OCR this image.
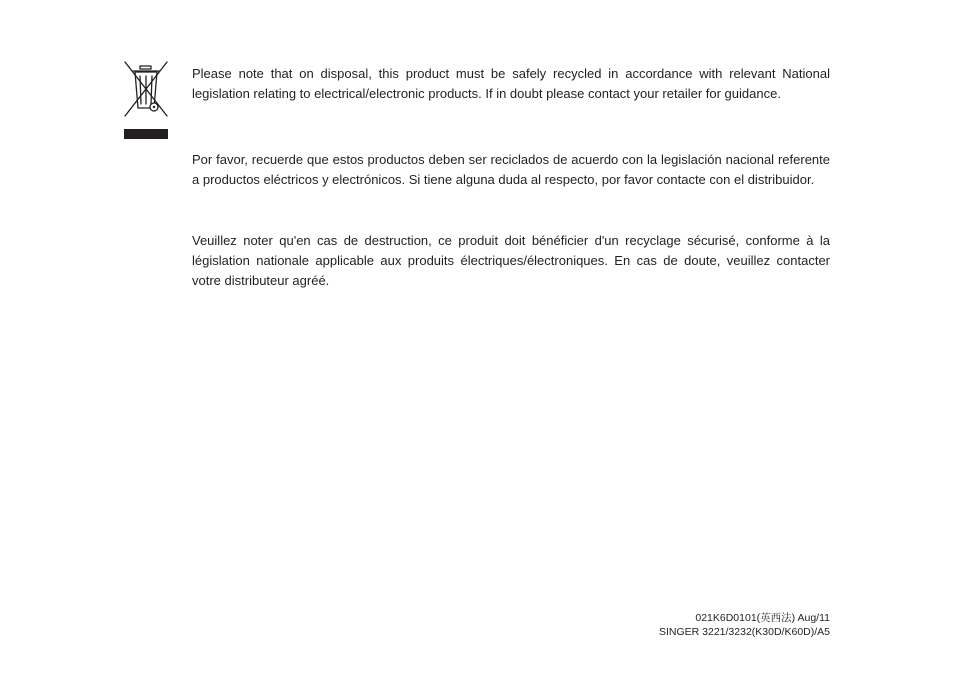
Please note that on disposal, this product must be safely recycled in accordance with relevant National legislation relating to electrical/electronic products. If in doubt please contact your retailer for guidance.

Por favor, recuerde que estos productos deben ser reciclados de acuerdo con la legislación nacional referente a productos eléctricos y electrónicos. Si tiene alguna duda al respecto, por favor contacte con el distribuidor.

Veuillez noter qu'en cas de destruction, ce produit doit bénéficier d'un recyclage sécurisé, conforme à la législation nationale applicable aux produits électriques/électroniques. En cas de doute, veuillez contacter votre distributeur agréé.

021K6D0101(英西法) Aug/11
SINGER 3221/3232(K30D/K60D)/A5
